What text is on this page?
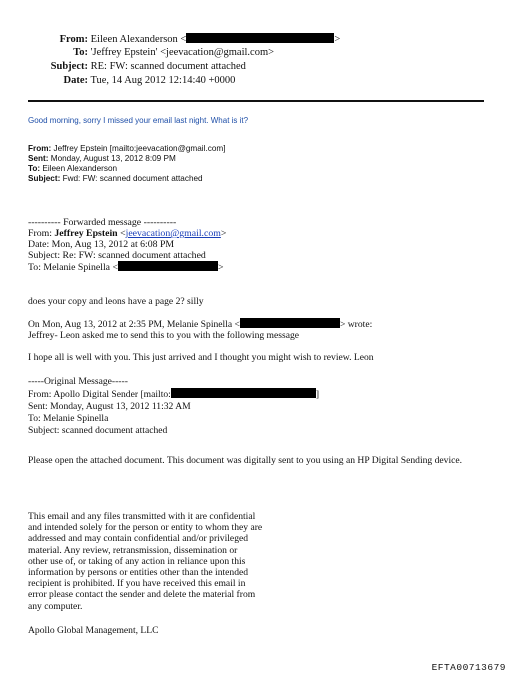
From: Eileen Alexanderson <	>
To: 'Jeffrey Epstein' <jeevacation@gmail.com>
Subject: RE: FW: scanned document attached
Date: Tue, 14 Aug 2012 12:14:40 +0000
Good morning, sorry I missed your email last night. What is it?
From: Jeffrey Epstein [mailto:jeevacation@gmail.com]
Sent: Monday, August 13, 2012 8:09 PM
To: Eileen Alexanderson
Subject: Fwd: FW: scanned document attached
---------- Forwarded message ----------
From: Jeffrey Epstein <jeevacation@gmail.com>
Date: Mon, Aug 13, 2012 at 6:08 PM
Subject: Re: FW: scanned document attached
To: Melanie Spinella <	>
does your copy and leons have a page 2? silly
On Mon, Aug 13, 2012 at 2:35 PM, Melanie Spinella <	> wrote:
Jeffrey- Leon asked me to send this to you with the following message
I hope all is well with you. This just arrived and I thought you might wish to review. Leon
-----Original Message-----
From: Apollo Digital Sender [mailto:	]
Sent: Monday, August 13, 2012 11:32 AM
To: Melanie Spinella
Subject: scanned document attached
Please open the attached document. This document was digitally sent to you using an HP Digital Sending device.
This email and any files transmitted with it are confidential
and intended solely for the person or entity to whom they are
addressed and may contain confidential and/or privileged
material. Any review, retransmission, dissemination or
other use of, or taking of any action in reliance upon this
information by persons or entities other than the intended
recipient is prohibited. If you have received this email in
error please contact the sender and delete the material from
any computer.
Apollo Global Management, LLC
EFTA00713679
